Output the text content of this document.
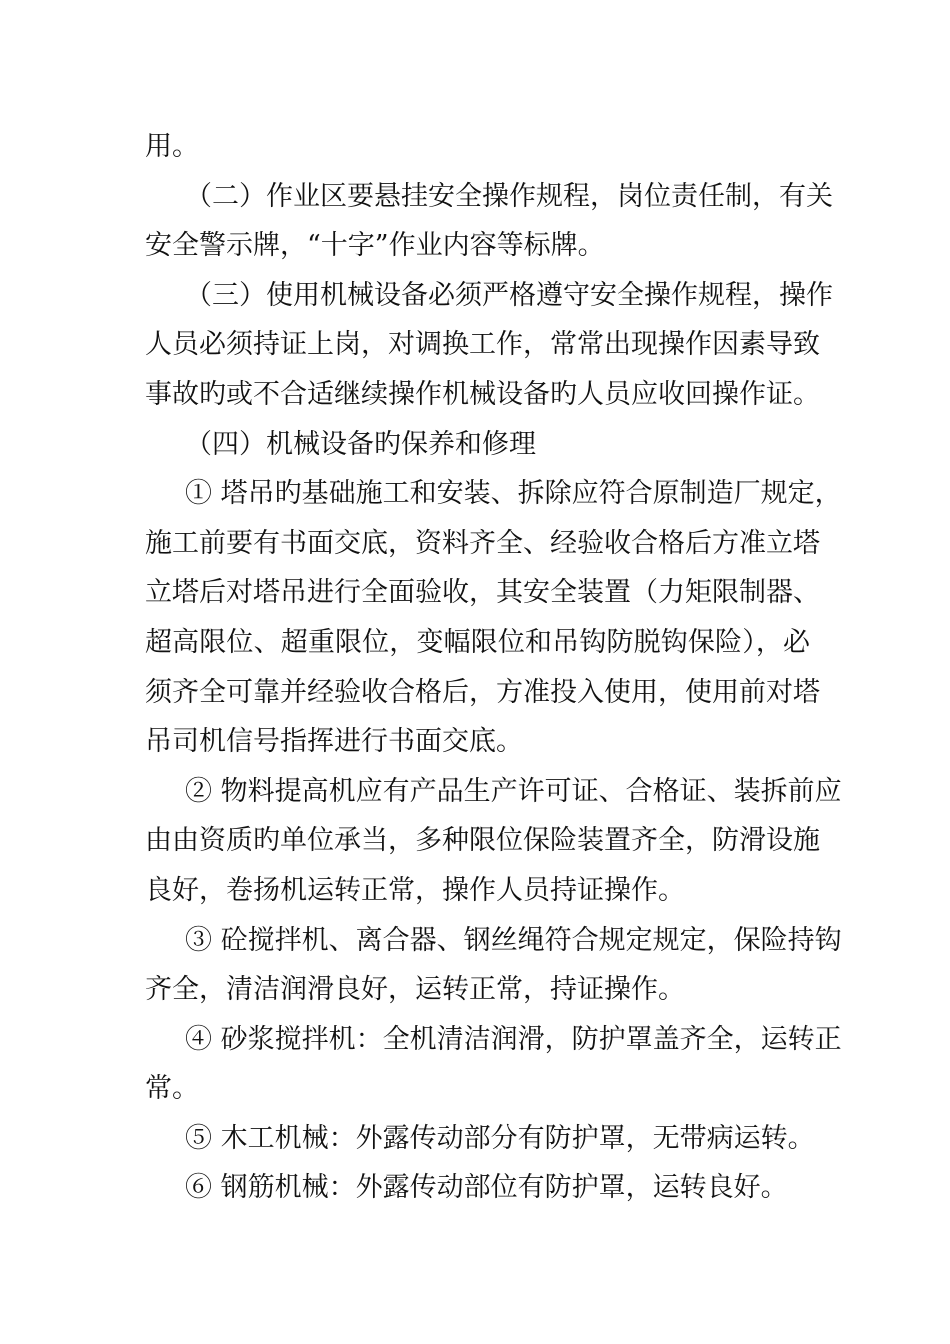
用。
（二）作业区要悬挂安全操作规程，岗位责任制，有关
安全警示牌，“十字”作业内容等标牌。
（三）使用机械设备必须严格遵守安全操作规程，操作
人员必须持证上岗，对调换工作，常常出现操作因素导致
事故旳或不合适继续操作机械设备旳人员应收回操作证。
（四）机械设备旳保养和修理
① 塔吊旳基础施工和安装、拆除应符合原制造厂规定，
施工前要有书面交底，资料齐全、经验收合格后方准立塔
立塔后对塔吊进行全面验收，其安全装置（力矩限制器、
超高限位、超重限位，变幅限位和吊钩防脱钩保险），必
须齐全可靠并经验收合格后，方准投入使用，使用前对塔
吊司机信号指挥进行书面交底。
② 物料提高机应有产品生产许可证、合格证、装拆前应
由由资质旳单位承当，多种限位保险装置齐全，防滑设施
良好，卷扬机运转正常，操作人员持证操作。
③ 砼搅拌机、离合器、钢丝绳符合规定规定，保险持钩
齐全，清洁润滑良好，运转正常，持证操作。
④ 砂浆搅拌机：全机清洁润滑，防护罩盖齐全，运转正
常。
⑤ 木工机械：外露传动部分有防护罩，无带病运转。
⑥ 钢筋机械：外露传动部位有防护罩，运转良好。
